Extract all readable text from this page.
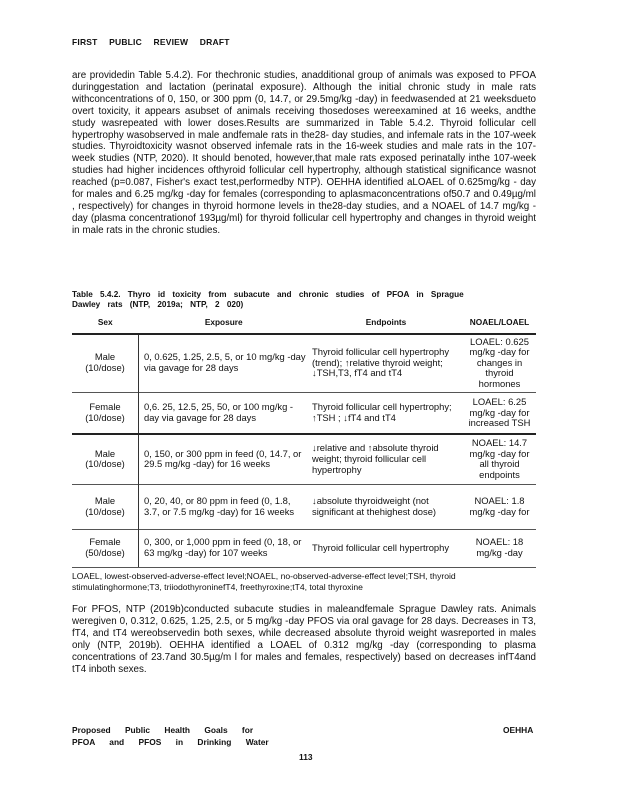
FIRST PUBLIC REVIEW DRAFT
are providedin Table 5.4.2). For thechronic studies, anadditional group of animals was exposed to PFOA duringgestation and lactation (perinatal exposure). Although the initial chronic study in male rats withconcentrations of 0, 150, or 300 ppm (0, 14.7, or 29.5mg/kg -day) in feedwasended at 21 weeksdueto overt toxicity, it appears asubset of animals receiving thosedoses wereexamined at 16 weeks, andthe study wasrepeated with lower doses.Results are summarized in Table 5.4.2. Thyroid follicular cell hypertrophy wasobserved in male andfemale rats in the28- day studies, and infemale rats in the 107-week studies. Thyroidtoxicity wasnot observed infemale rats in the 16-week studies and male rats in the 107-week studies (NTP, 2020). It should benoted, however,that male rats exposed perinatally inthe 107-week studies had higher incidences ofthyroid follicular cell hypertrophy, although statistical significance wasnot reached (p=0.087, Fisher's exact test,performedby NTP). OEHHA identified aLOAEL of 0.625mg/kg - day for males and 6.25 mg/kg -day for females (corresponding to aplasmaconcentrations of50.7 and 0.49µg/ml , respectively) for changes in thyroid hormone levels in the28-day studies, and a NOAEL of 14.7 mg/kg -day (plasma concentrationof 193µg/ml) for thyroid follicular cell hypertrophy and changes in thyroid weight in male rats in the chronic studies.
Table 5.4.2. Thyro id toxicity from subacute and chronic studies of PFOA in Sprague
Dawley rats (NTP, 2019a; NTP, 2 020)
Sex	Exposure	Endpoints	NOAEL/LOAEL
Male (10/dose)	0, 0.625, 1.25, 2.5, 5, or 10 mg/kg -day via gavage for 28 days	Thyroid follicular cell hypertrophy (trend); ↑relative thyroid weight; ↓TSH,T3, fT4 and tT4	LOAEL: 0.625 mg/kg -day for changes in thyroid hormones
Female (10/dose)	0,6. 25, 12.5, 25, 50, or 100 mg/kg -day via gavage for 28 days	Thyroid follicular cell hypertrophy; ↑TSH ; ↓fT4 and tT4	LOAEL: 6.25 mg/kg -day for increased TSH
Male (10/dose)	0, 150, or 300 ppm in feed (0, 14.7, or 29.5 mg/kg -day) for 16 weeks	↓relative and ↑absolute thyroid weight; thyroid follicular cell hypertrophy	NOAEL: 14.7 mg/kg -day for all thyroid endpoints
Male (10/dose)	0, 20, 40, or 80 ppm in feed (0, 1.8, 3.7, or 7.5 mg/kg -day) for 16 weeks	↓absolute thyroidweight (not significant at thehighest dose)	NOAEL: 1.8 mg/kg -day for
Female (50/dose)	0, 300, or 1,000 ppm in feed (0, 18, or 63 mg/kg -day) for 107 weeks	Thyroid follicular cell hypertrophy	NOAEL: 18 mg/kg -day
LOAEL, lowest-observed-adverse-effect level;NOAEL, no-observed-adverse-effect level;TSH, thyroid stimulatinghormone;T3, triiodothyroninefT4, freethyroxine;tT4, total thyroxine
For PFOS, NTP (2019b)conducted subacute studies in maleandfemale Sprague Dawley rats. Animals weregiven 0, 0.312, 0.625, 1.25, 2.5, or 5 mg/kg -day PFOS via oral gavage for 28 days. Decreases in T3, fT4, and tT4 wereobservedin both sexes, while decreased absolute thyroid weight wasreported in males only (NTP, 2019b). OEHHA identified a LOAEL of 0.312 mg/kg -day (corresponding to plasma concentrations of 23.7and 30.5µg/m l for males and females, respectively) based on decreases infT4and tT4 inboth sexes.
Proposed Public Health Goals for
PFOA and PFOS in Drinking Water
OEHHA
113
